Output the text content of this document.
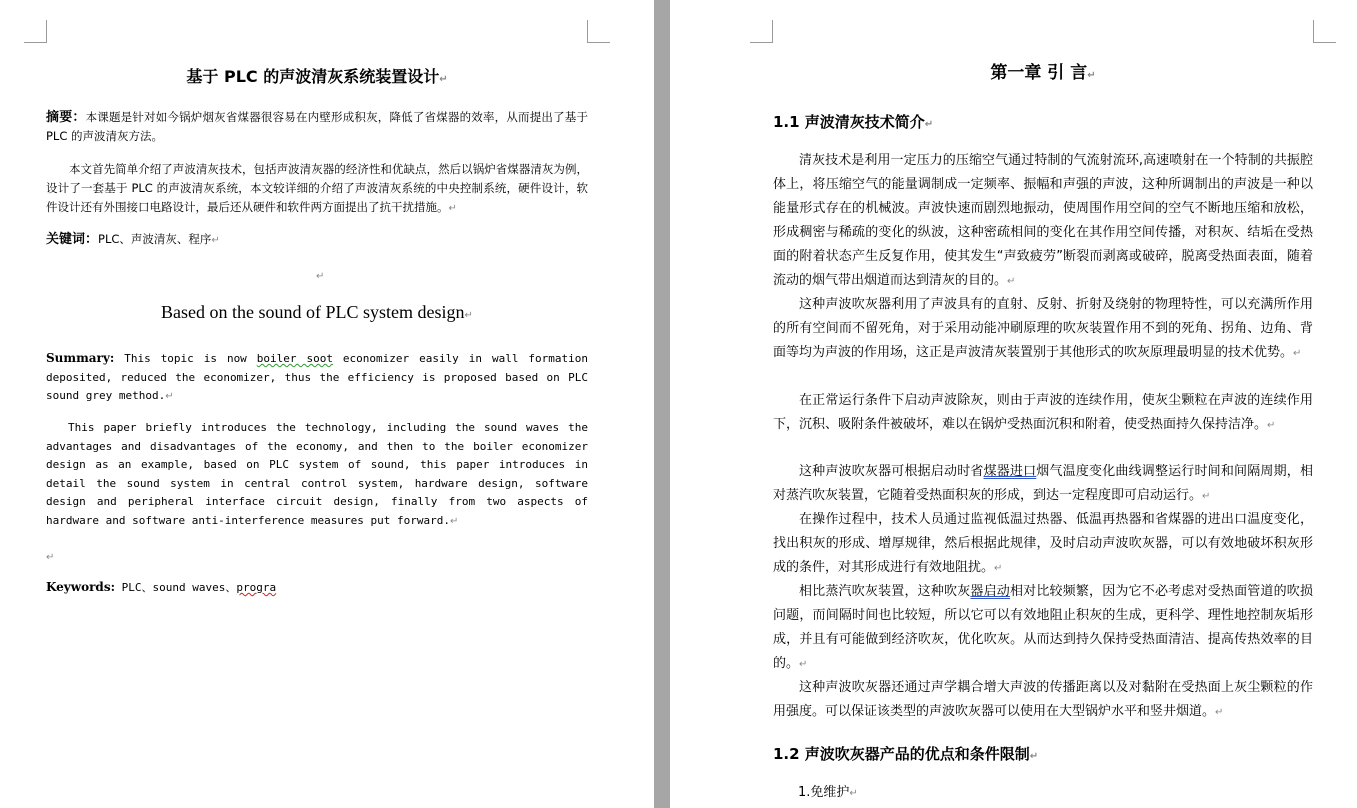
基于 PLC 的声波清灰系统装置设计↵

摘要：本课题是针对如今锅炉烟灰省煤器很容易在内壁形成积灰，降低了省煤器的效率，从而提出了基于 PLC 的声波清灰方法。

本文首先简单介绍了声波清灰技术，包括声波清灰器的经济性和优缺点，然后以锅炉省煤器清灰为例，设计了一套基于 PLC 的声波清灰系统，本文较详细的介绍了声波清灰系统的中央控制系统，硬件设计，软件设计还有外围接口电路设计，最后还从硬件和软件两方面提出了抗干扰措施。↵

关键词：PLC、声波清灰、程序↵

↵

Based on the sound of PLC system design↵

Summary: This topic is now boiler soot economizer easily in wall formation deposited, reduced the economizer, thus the efficiency is proposed based on PLC sound grey method.↵

This paper briefly introduces the technology, including the sound waves the advantages and disadvantages of the economy, and then to the boiler economizer design as an example, based on PLC system of sound, this paper introduces in detail the sound system in central control system, hardware design, software design and peripheral interface circuit design, finally from two aspects of hardware and software anti-interference measures put forward.↵

↵

Keywords: PLC、sound waves、progra

第一章 引 言↵

1.1 声波清灰技术简介↵

清灰技术是利用一定压力的压缩空气通过特制的气流射流环,高速喷射在一个特制的共振腔体上，将压缩空气的能量调制成一定频率、振幅和声强的声波，这种所调制出的声波是一种以能量形式存在的机械波。声波快速而剧烈地振动，使周围作用空间的空气不断地压缩和放松，形成稠密与稀疏的变化的纵波，这种密疏相间的变化在其作用空间传播，对积灰、结垢在受热面的附着状态产生反复作用，使其发生“声致疲劳”断裂而剥离或破碎，脱离受热面表面，随着流动的烟气带出烟道而达到清灰的目的。↵

这种声波吹灰器利用了声波具有的直射、反射、折射及绕射的物理特性，可以充满所作用的所有空间而不留死角，对于采用动能冲刷原理的吹灰装置作用不到的死角、拐角、边角、背面等均为声波的作用场，这正是声波清灰装置别于其他形式的吹灰原理最明显的技术优势。↵

在正常运行条件下启动声波除灰，则由于声波的连续作用，使灰尘颗粒在声波的连续作用下，沉积、吸附条件被破坏，难以在锅炉受热面沉积和附着，使受热面持久保持洁净。↵

这种声波吹灰器可根据启动时省煤器进口烟气温度变化曲线调整运行时间和间隔周期，相对蒸汽吹灰装置，它随着受热面积灰的形成，到达一定程度即可启动运行。↵

在操作过程中，技术人员通过监视低温过热器、低温再热器和省煤器的进出口温度变化，找出积灰的形成、增厚规律，然后根据此规律，及时启动声波吹灰器，可以有效地破坏积灰形成的条件，对其形成进行有效地阻扰。↵

相比蒸汽吹灰装置，这种吹灰器启动相对比较频繁，因为它不必考虑对受热面管道的吹损问题，而间隔时间也比较短，所以它可以有效地阻止积灰的生成，更科学、理性地控制灰垢形成，并且有可能做到经济吹灰，优化吹灰。从而达到持久保持受热面清洁、提高传热效率的目的。↵

这种声波吹灰器还通过声学耦合增大声波的传播距离以及对黏附在受热面上灰尘颗粒的作用强度。可以保证该类型的声波吹灰器可以使用在大型锅炉水平和竖井烟道。↵

1.2 声波吹灰器产品的优点和条件限制↵

1.免维护↵
